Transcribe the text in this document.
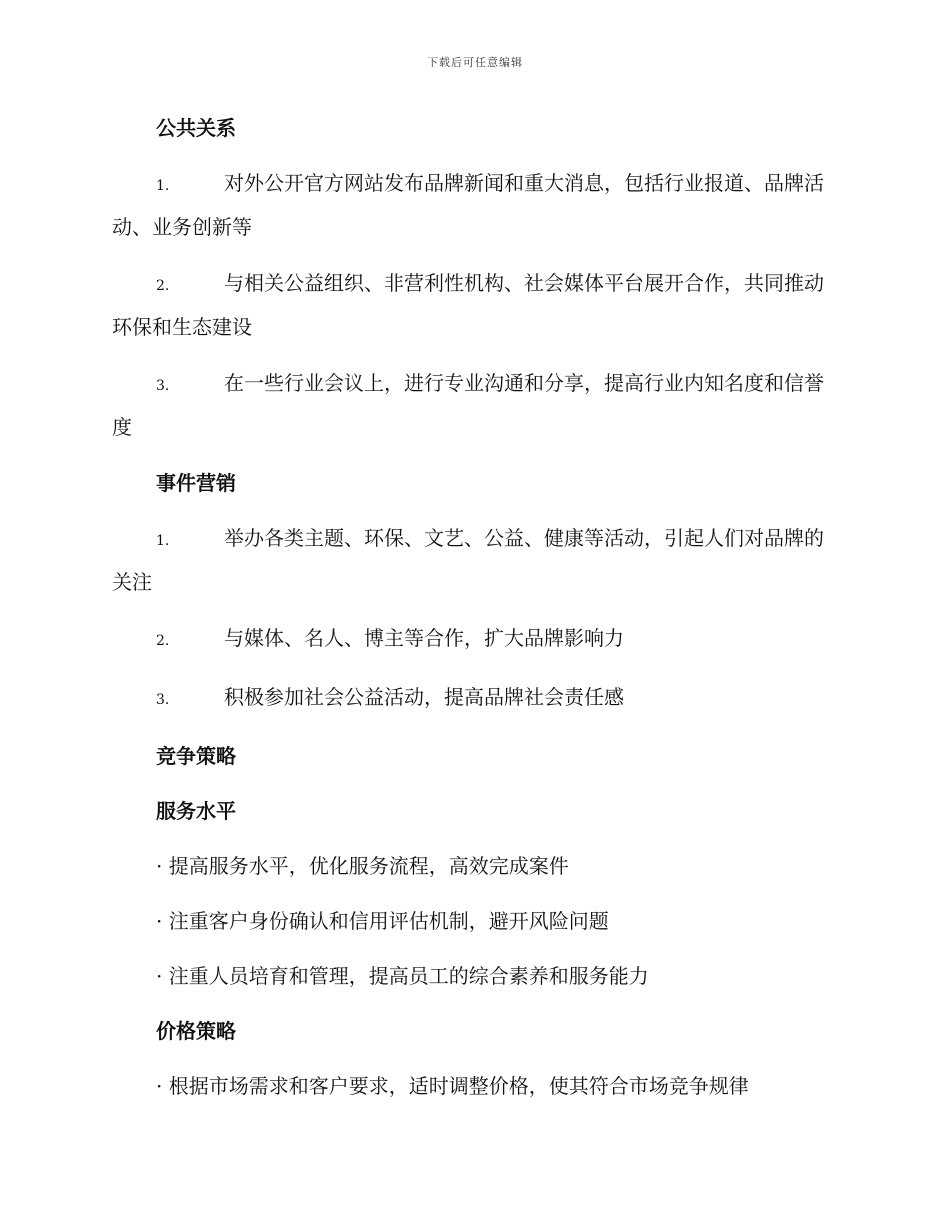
下载后可任意编辑
公共关系
1.	对外公开官方网站发布品牌新闻和重大消息，包括行业报道、品牌活动、业务创新等
2.	与相关公益组织、非营利性机构、社会媒体平台展开合作，共同推动环保和生态建设
3.	在一些行业会议上，进行专业沟通和分享，提高行业内知名度和信誉度
事件营销
1.	举办各类主题、环保、文艺、公益、健康等活动，引起人们对品牌的关注
2.	与媒体、名人、博主等合作，扩大品牌影响力
3.	积极参加社会公益活动，提高品牌社会责任感
竞争策略
服务水平
· 提高服务水平，优化服务流程，高效完成案件
· 注重客户身份确认和信用评估机制，避开风险问题
· 注重人员培育和管理，提高员工的综合素养和服务能力
价格策略
· 根据市场需求和客户要求，适时调整价格，使其符合市场竞争规律
